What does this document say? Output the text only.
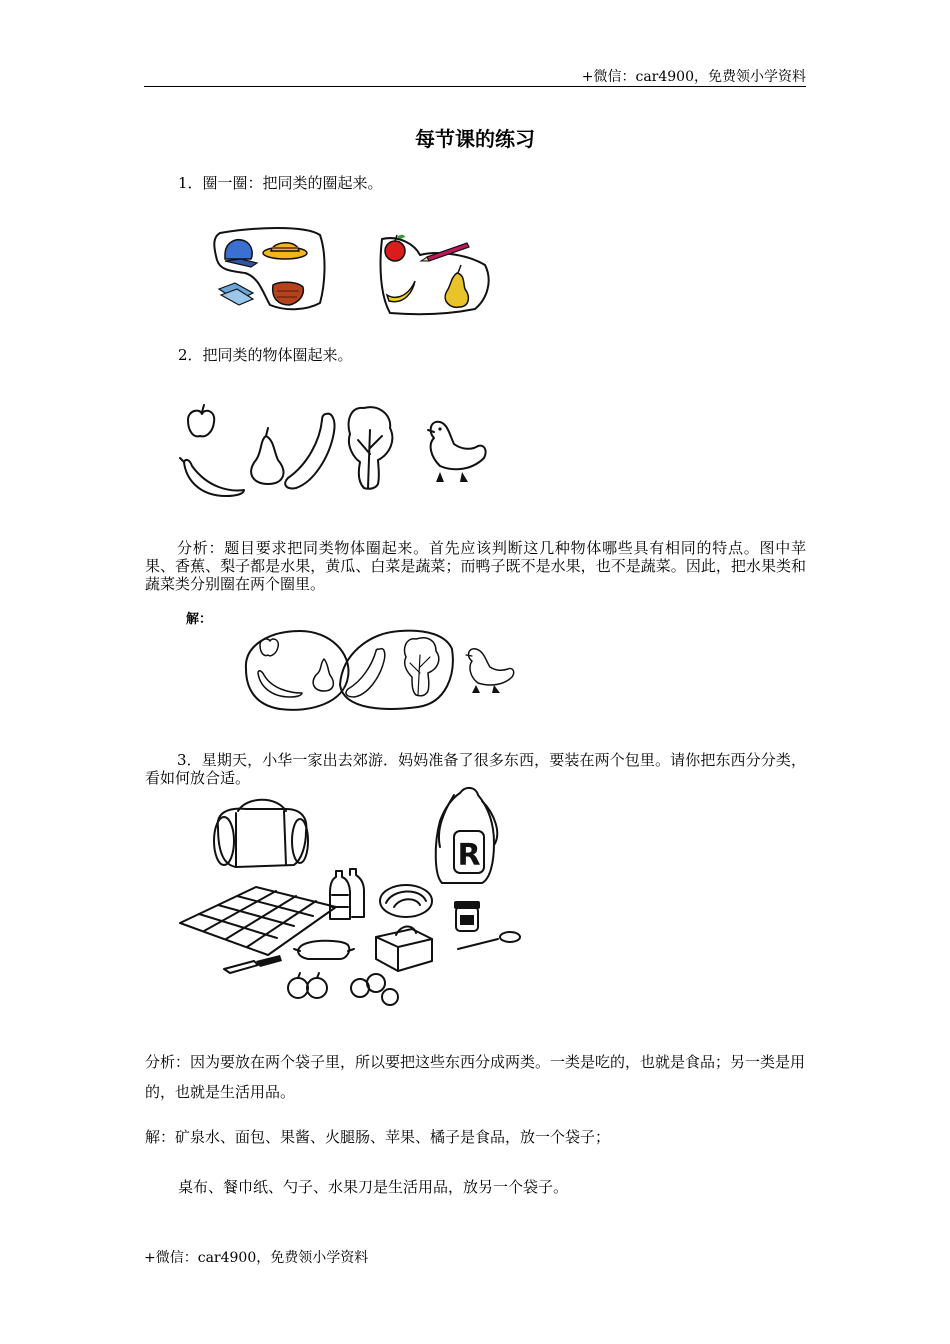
+微信：car4900，免费领小学资料
每节课的练习
1．圈一圈：把同类的圈起来。
2．把同类的物体圈起来。
分析：题目要求把同类物体圈起来。首先应该判断这几种物体哪些具有相同的特点。图中苹果、香蕉、梨子都是水果，黄瓜、白菜是蔬菜；而鸭子既不是水果，也不是蔬菜。因此，把水果类和蔬菜类分别圈在两个圈里。
解：
3．星期天，小华一家出去郊游．妈妈准备了很多东西，要装在两个包里。请你把东西分分类，看如何放合适。
R
分析：因为要放在两个袋子里，所以要把这些东西分成两类。一类是吃的，也就是食品；另一类是用的，也就是生活用品。
解：矿泉水、面包、果酱、火腿肠、苹果、橘子是食品，放一个袋子；
桌布、餐巾纸、勺子、水果刀是生活用品，放另一个袋子。
+微信：car4900，免费领小学资料
